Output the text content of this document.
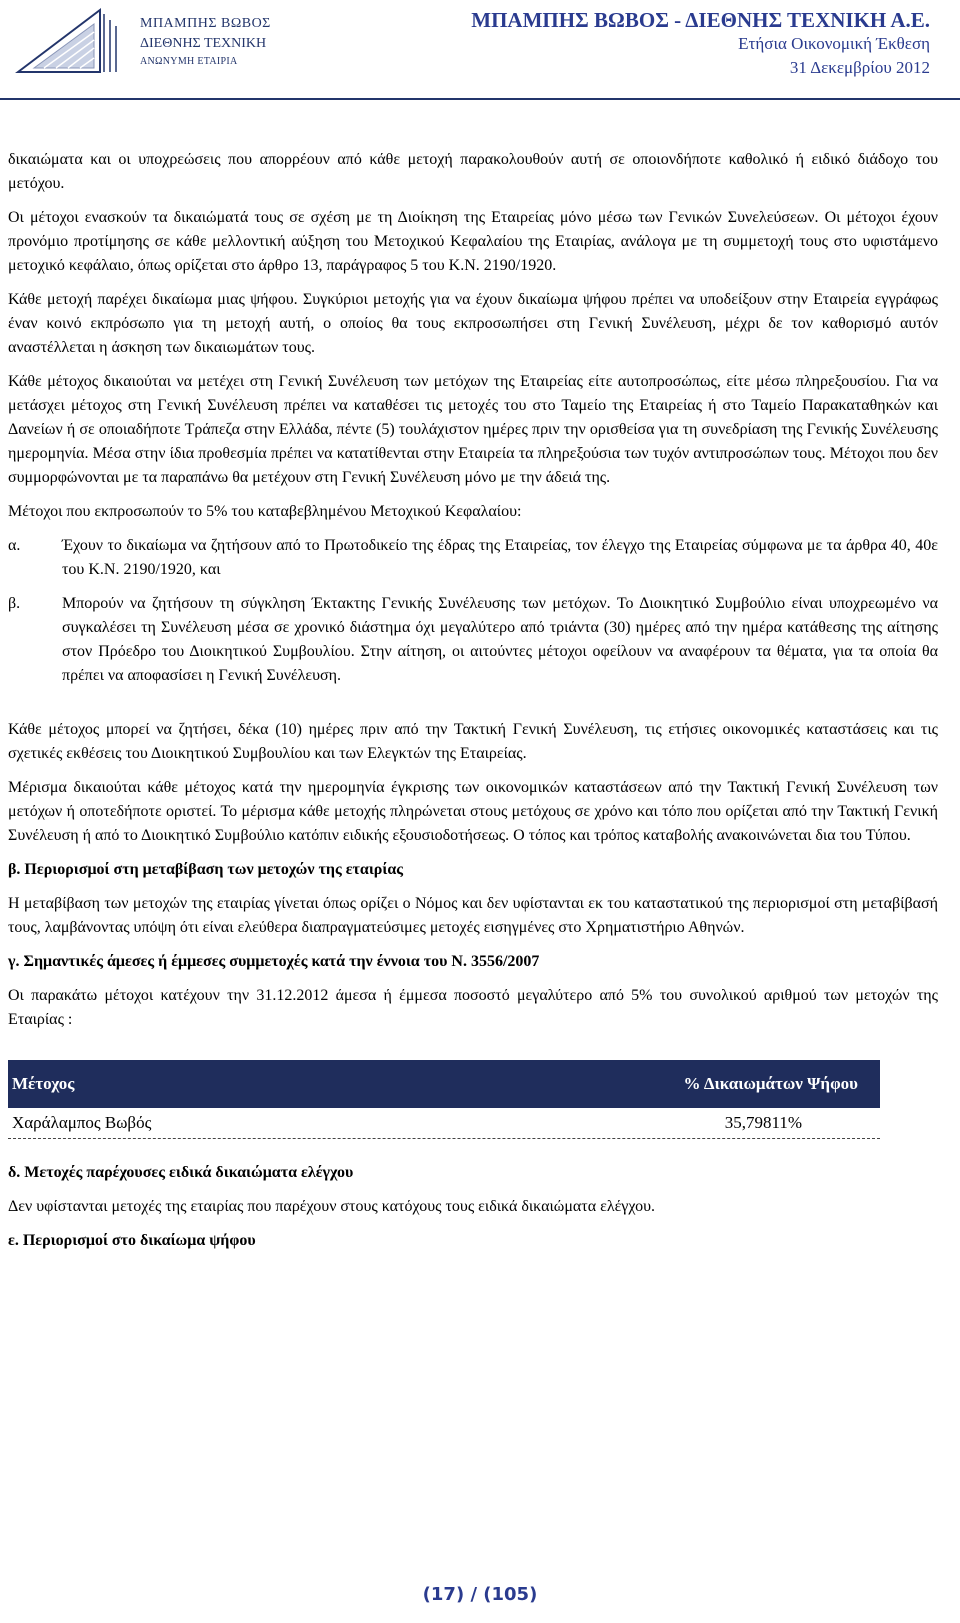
ΜΠΑΜΠΗΣ ΒΩΒΟΣ
ΔΙΕΘΝΗΣ ΤΕΧΝΙΚΗ
ΑΝΩΝΥΜΗ ΕΤΑΙΡΙΑ
ΜΠΑΜΠΗΣ ΒΩΒΟΣ - ΔΙΕΘΝΗΣ ΤΕΧΝΙΚΗ Α.Ε.
Ετήσια Οικονομική Έκθεση
31 Δεκεμβρίου 2012

δικαιώματα και οι υποχρεώσεις που απορρέουν από κάθε μετοχή παρακολουθούν αυτή σε οποιονδήποτε καθολικό ή ειδικό διάδοχο του μετόχου.

Οι μέτοχοι ενασκούν τα δικαιώματά τους σε σχέση με τη Διοίκηση της Εταιρείας μόνο μέσω των Γενικών Συνελεύσεων. Οι μέτοχοι έχουν προνόμιο προτίμησης σε κάθε μελλοντική αύξηση του Μετοχικού Κεφαλαίου της Εταιρίας, ανάλογα με τη συμμετοχή τους στο υφιστάμενο μετοχικό κεφάλαιο, όπως ορίζεται στο άρθρο 13, παράγραφος 5 του Κ.Ν. 2190/1920.

Κάθε μετοχή παρέχει δικαίωμα μιας ψήφου. Συγκύριοι μετοχής για να έχουν δικαίωμα ψήφου πρέπει να υποδείξουν στην Εταιρεία εγγράφως έναν κοινό εκπρόσωπο για τη μετοχή αυτή, ο οποίος θα τους εκπροσωπήσει στη Γενική Συνέλευση, μέχρι δε τον καθορισμό αυτόν αναστέλλεται η άσκηση των δικαιωμάτων τους.

Κάθε μέτοχος δικαιούται να μετέχει στη Γενική Συνέλευση των μετόχων της Εταιρείας είτε αυτοπροσώπως, είτε μέσω πληρεξουσίου. Για να μετάσχει μέτοχος στη Γενική Συνέλευση πρέπει να καταθέσει τις μετοχές του στο Ταμείο της Εταιρείας ή στο Ταμείο Παρακαταθηκών και Δανείων ή σε οποιαδήποτε Τράπεζα στην Ελλάδα, πέντε (5) τουλάχιστον ημέρες πριν την ορισθείσα για τη συνεδρίαση της Γενικής Συνέλευσης ημερομηνία. Μέσα στην ίδια προθεσμία πρέπει να κατατίθενται στην Εταιρεία τα πληρεξούσια των τυχόν αντιπροσώπων τους. Μέτοχοι που δεν συμμορφώνονται με τα παραπάνω θα μετέχουν στη Γενική Συνέλευση μόνο με την άδειά της.

Μέτοχοι που εκπροσωπούν το 5% του καταβεβλημένου Μετοχικού Κεφαλαίου:

α.	Έχουν το δικαίωμα να ζητήσουν από το Πρωτοδικείο της έδρας της Εταιρείας, τον έλεγχο της Εταιρείας σύμφωνα με τα άρθρα 40, 40ε του Κ.Ν. 2190/1920, και
β.	Μπορούν να ζητήσουν τη σύγκληση Έκτακτης Γενικής Συνέλευσης των μετόχων. Το Διοικητικό Συμβούλιο είναι υποχρεωμένο να συγκαλέσει τη Συνέλευση μέσα σε χρονικό διάστημα όχι μεγαλύτερο από τριάντα (30) ημέρες από την ημέρα κατάθεσης της αίτησης στον Πρόεδρο του Διοικητικού Συμβουλίου. Στην αίτηση, οι αιτούντες μέτοχοι οφείλουν να αναφέρουν τα θέματα, για τα οποία θα πρέπει να αποφασίσει η Γενική Συνέλευση.

Κάθε μέτοχος μπορεί να ζητήσει, δέκα (10) ημέρες πριν από την Τακτική Γενική Συνέλευση, τις ετήσιες οικονομικές καταστάσεις και τις σχετικές εκθέσεις του Διοικητικού Συμβουλίου και των Ελεγκτών της Εταιρείας.

Μέρισμα δικαιούται κάθε μέτοχος κατά την ημερομηνία έγκρισης των οικονομικών καταστάσεων από την Τακτική Γενική Συνέλευση των μετόχων ή οποτεδήποτε οριστεί. Το μέρισμα κάθε μετοχής πληρώνεται στους μετόχους σε χρόνο και τόπο που ορίζεται από την Τακτική Γενική Συνέλευση ή από το Διοικητικό Συμβούλιο κατόπιν ειδικής εξουσιοδοτήσεως. Ο τόπος και τρόπος καταβολής ανακοινώνεται δια του Τύπου.

β. Περιορισμοί στη μεταβίβαση των μετοχών της εταιρίας

Η μεταβίβαση των μετοχών της εταιρίας γίνεται όπως ορίζει ο Νόμος και δεν υφίστανται εκ του καταστατικού της περιορισμοί στη μεταβίβασή τους, λαμβάνοντας υπόψη ότι είναι ελεύθερα διαπραγματεύσιμες μετοχές εισηγμένες στο Χρηματιστήριο Αθηνών.

γ. Σημαντικές άμεσες ή έμμεσες συμμετοχές κατά την έννοια του Ν. 3556/2007

Οι παρακάτω μέτοχοι κατέχουν την 31.12.2012 άμεσα ή έμμεσα ποσοστό μεγαλύτερο από 5% του συνολικού αριθμού των μετοχών της Εταιρίας :

Μέτοχος	% Δικαιωμάτων Ψήφου
Χαράλαμπος Βωβός	35,79811%
δ. Μετοχές παρέχουσες ειδικά δικαιώματα ελέγχου

Δεν υφίστανται μετοχές της εταιρίας που παρέχουν στους κατόχους τους ειδικά δικαιώματα ελέγχου.

ε. Περιορισμοί στο δικαίωμα ψήφου
(17) / (105)
